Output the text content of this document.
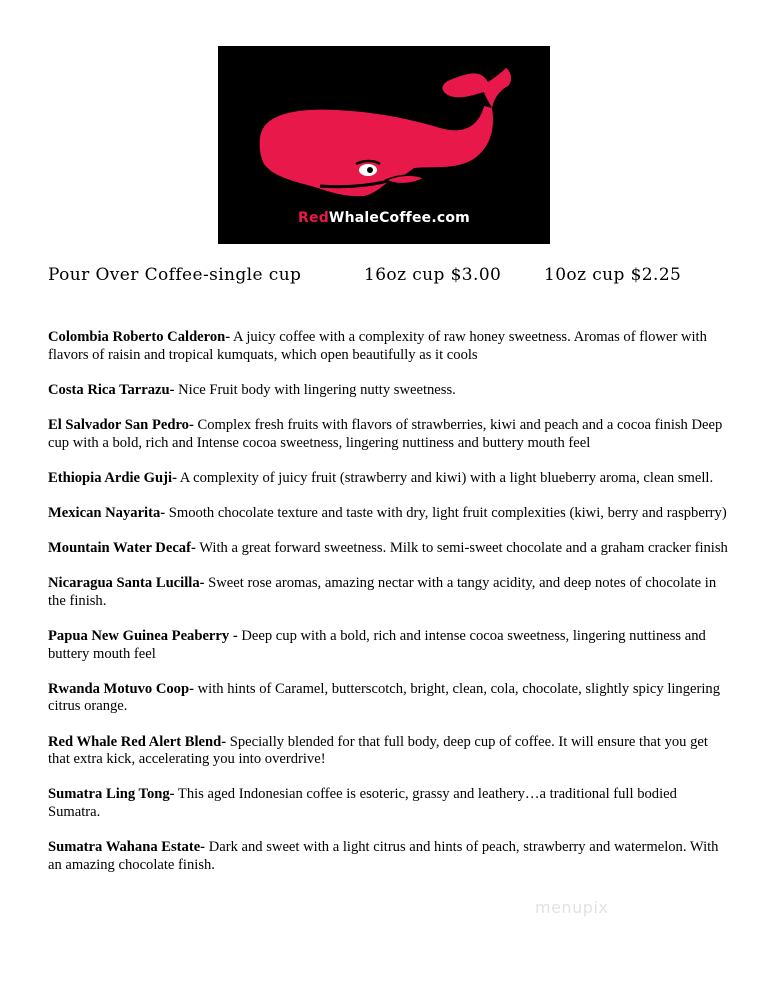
RedWhaleCoffee.com
Pour Over Coffee-single cup	16oz cup $3.00	10oz cup $2.25

Colombia Roberto Calderon- A juicy coffee with a complexity of raw honey sweetness. Aromas of flower with flavors of raisin and tropical kumquats, which open beautifully as it cools

Costa Rica Tarrazu- Nice Fruit body with lingering nutty sweetness.

El Salvador San Pedro- Complex fresh fruits with flavors of strawberries, kiwi and peach and a cocoa finish Deep cup with a bold, rich and Intense cocoa sweetness, lingering nuttiness and buttery mouth feel

Ethiopia Ardie Guji- A complexity of juicy fruit (strawberry and kiwi) with a light blueberry aroma, clean smell.

Mexican Nayarita- Smooth chocolate texture and taste with dry, light fruit complexities (kiwi, berry and raspberry)

Mountain Water Decaf- With a great forward sweetness. Milk to semi-sweet chocolate and a graham cracker finish

Nicaragua Santa Lucilla- Sweet rose aromas, amazing nectar with a tangy acidity, and deep notes of chocolate in the finish.

Papua New Guinea Peaberry - Deep cup with a bold, rich and intense cocoa sweetness, lingering nuttiness and buttery mouth feel

Rwanda Motuvo Coop- with hints of Caramel, butterscotch, bright, clean, cola, chocolate, slightly spicy lingering citrus orange.

Red Whale Red Alert Blend- Specially blended for that full body, deep cup of coffee. It will ensure that you get that extra kick, accelerating you into overdrive!

Sumatra Ling Tong- This aged Indonesian coffee is esoteric, grassy and leathery…a traditional full bodied Sumatra.

Sumatra Wahana Estate- Dark and sweet with a light citrus and hints of peach, strawberry and watermelon. With an amazing chocolate finish.

menupix
